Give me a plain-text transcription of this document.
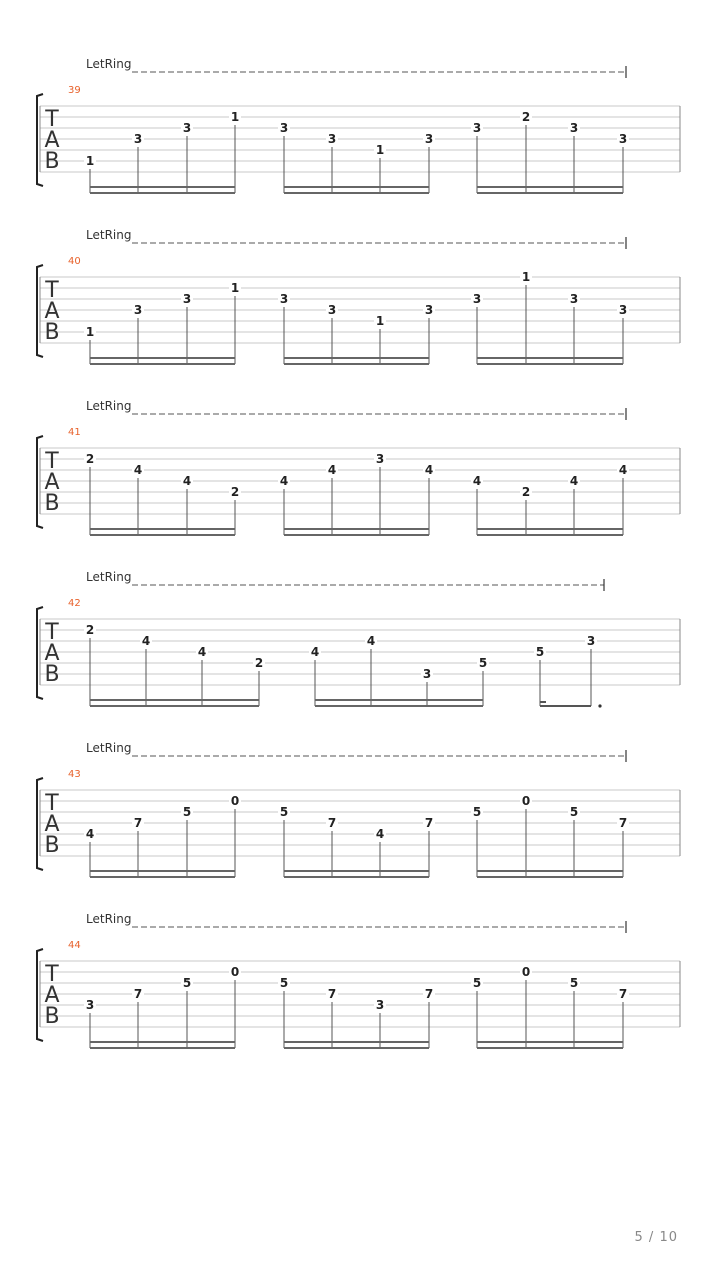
LetRing
39
T
A
B 1
3
3
1
3
3
1
3
3
2
3
3
LetRing
40
T
A
B 1
3
3
1
3
3
1
3
3
1
3
3
LetRing
41
T
A
B
2
4
4
2
4
4
3
4
4
2
4
4
LetRing
42
T
A
B
2
4
4
2
4
4
3
5
5
3
LetRing
43
T
A
B 4
7
5
0
5
7
4
7
5
0
5
7
LetRing
44
T
A
B 3
7
5
0
5
7
3
7
5
0
5
7
5 / 10
